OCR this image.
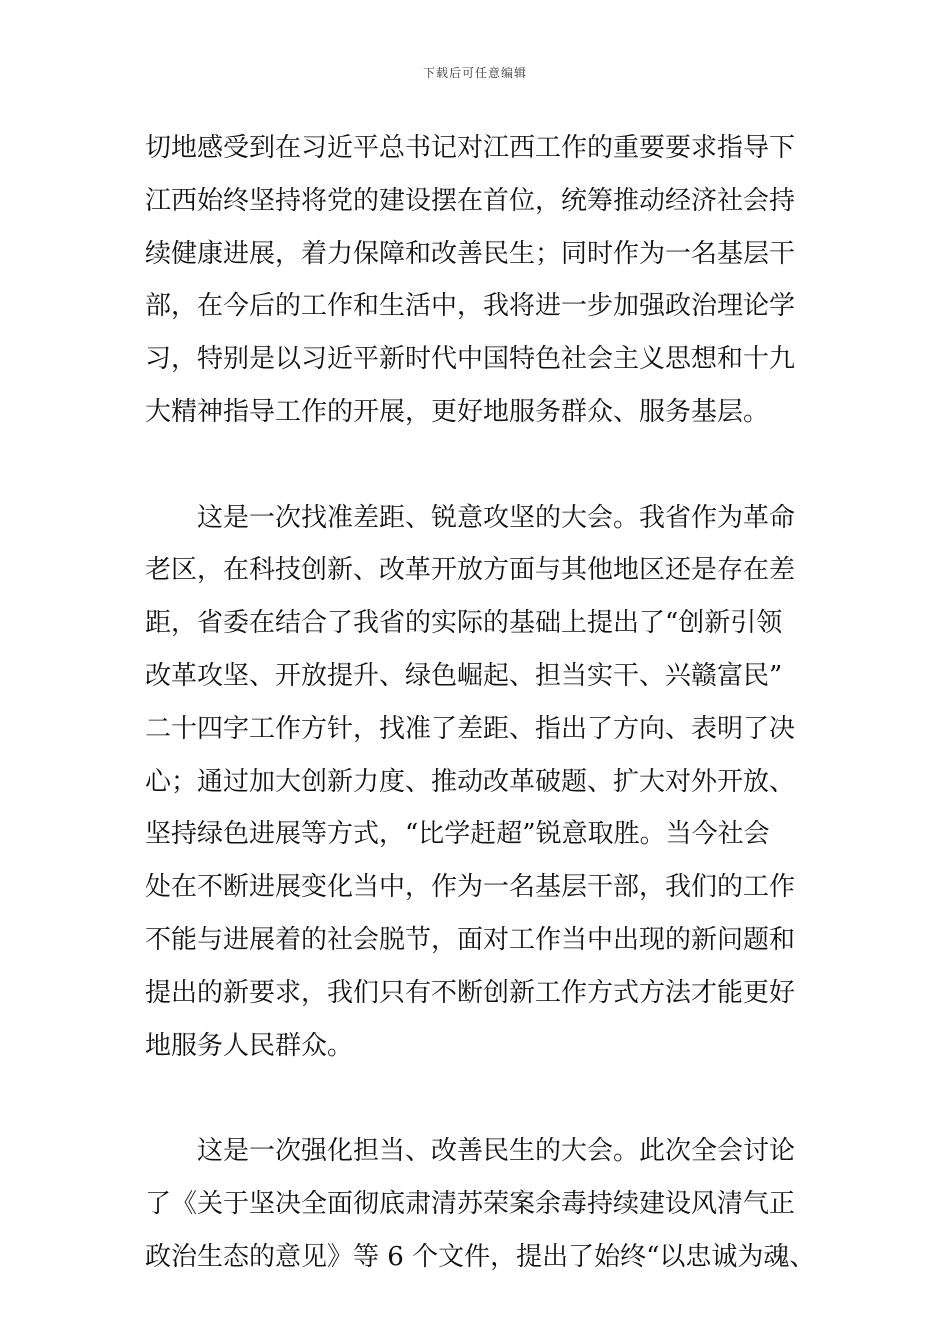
下载后可任意编辑
切地感受到在习近平总书记对江西工作的重要要求指导下
江西始终坚持将党的建设摆在首位，统筹推动经济社会持
续健康进展，着力保障和改善民生；同时作为一名基层干
部，在今后的工作和生活中，我将进一步加强政治理论学
习，特别是以习近平新时代中国特色社会主义思想和十九
大精神指导工作的开展，更好地服务群众、服务基层。
这是一次找准差距、锐意攻坚的大会。我省作为革命
老区，在科技创新、改革开放方面与其他地区还是存在差
距，省委在结合了我省的实际的基础上提出了“创新引领
改革攻坚、开放提升、绿色崛起、担当实干、兴赣富民”
二十四字工作方针，找准了差距、指出了方向、表明了决
心；通过加大创新力度、推动改革破题、扩大对外开放、
坚持绿色进展等方式，“比学赶超”锐意取胜。当今社会
处在不断进展变化当中，作为一名基层干部，我们的工作
不能与进展着的社会脱节，面对工作当中出现的新问题和
提出的新要求，我们只有不断创新工作方式方法才能更好
地服务人民群众。
这是一次强化担当、改善民生的大会。此次全会讨论
了《关于坚决全面彻底肃清苏荣案余毒持续建设风清气正
政治生态的意见》等 6 个文件，提出了始终“以忠诚为魂、
